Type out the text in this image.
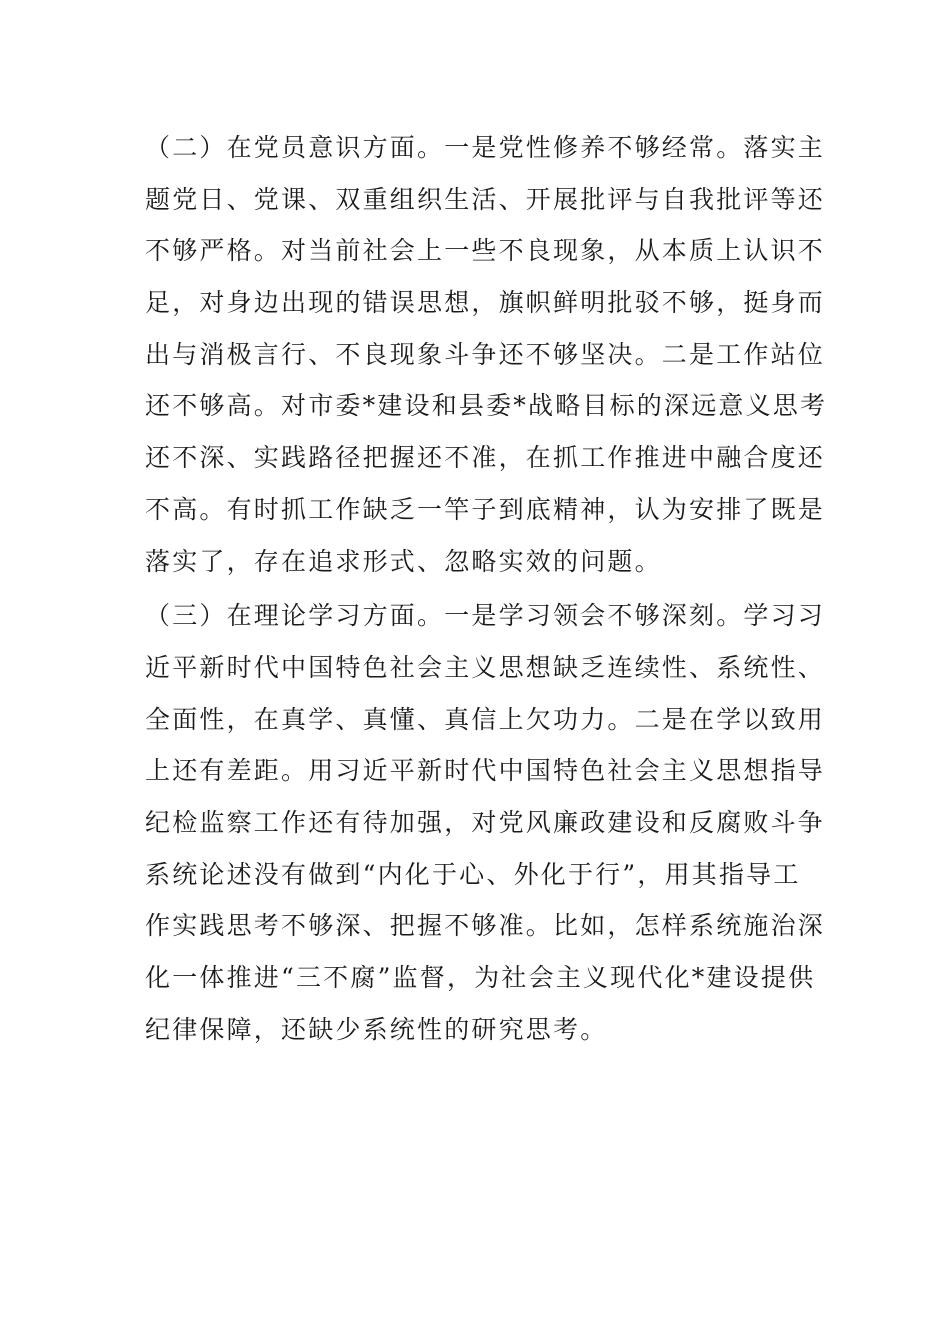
（二）在党员意识方面。一是党性修养不够经常。落实主
题党日、党课、双重组织生活、开展批评与自我批评等还
不够严格。对当前社会上一些不良现象，从本质上认识不
足，对身边出现的错误思想，旗帜鲜明批驳不够，挺身而
出与消极言行、不良现象斗争还不够坚决。二是工作站位
还不够高。对市委*建设和县委*战略目标的深远意义思考
还不深、实践路径把握还不准，在抓工作推进中融合度还
不高。有时抓工作缺乏一竿子到底精神，认为安排了既是
落实了，存在追求形式、忽略实效的问题。
（三）在理论学习方面。一是学习领会不够深刻。学习习
近平新时代中国特色社会主义思想缺乏连续性、系统性、
全面性，在真学、真懂、真信上欠功力。二是在学以致用
上还有差距。用习近平新时代中国特色社会主义思想指导
纪检监察工作还有待加强，对党风廉政建设和反腐败斗争
系统论述没有做到“内化于心、外化于行”，用其指导工
作实践思考不够深、把握不够准。比如，怎样系统施治深
化一体推进“三不腐”监督，为社会主义现代化*建设提供
纪律保障，还缺少系统性的研究思考。
